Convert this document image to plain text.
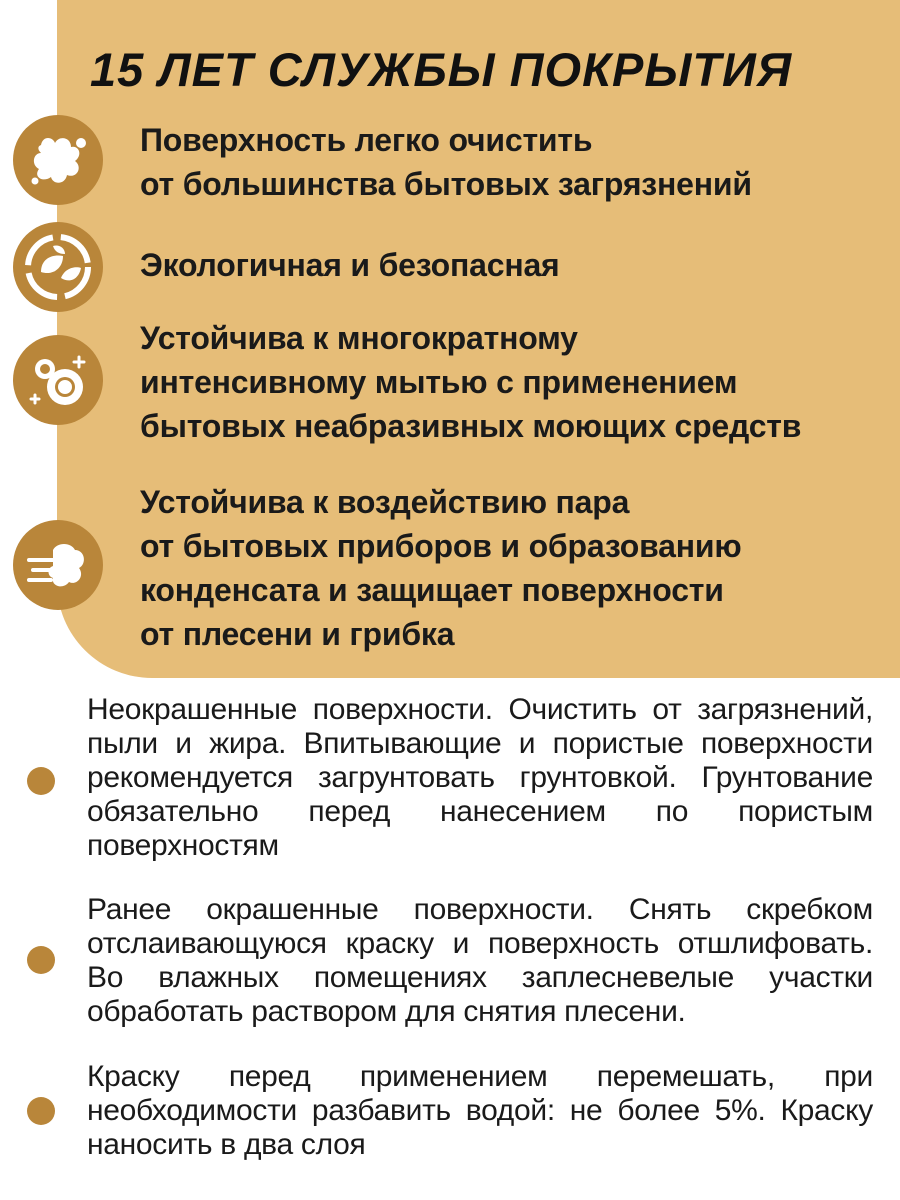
15 ЛЕТ СЛУЖБЫ ПОКРЫТИЯ
Поверхность легко очистить
от большинства бытовых загрязнений
Экологичная и безопасная
Устойчива к многократному
интенсивному мытью с применением
бытовых неабразивных моющих средств
Устойчива к воздействию пара
от бытовых приборов и образованию
конденсата и защищает поверхности
от плесени и грибка
Неокрашенные поверхности. Очистить от загрязнений, пыли и жира. Впитывающие и пористые поверхности рекомендуется загрунтовать грунтовкой. Грунтование обязательно перед нанесением по пористым поверхностям
Ранее окрашенные поверхности. Снять скребком отслаивающуюся краску и поверхность отшлифовать. Во влажных помещениях заплесневелые участки обработать раствором для снятия плесени.
Краску перед применением перемешать, при необходимости разбавить водой: не более 5%. Краску наносить в два слоя
